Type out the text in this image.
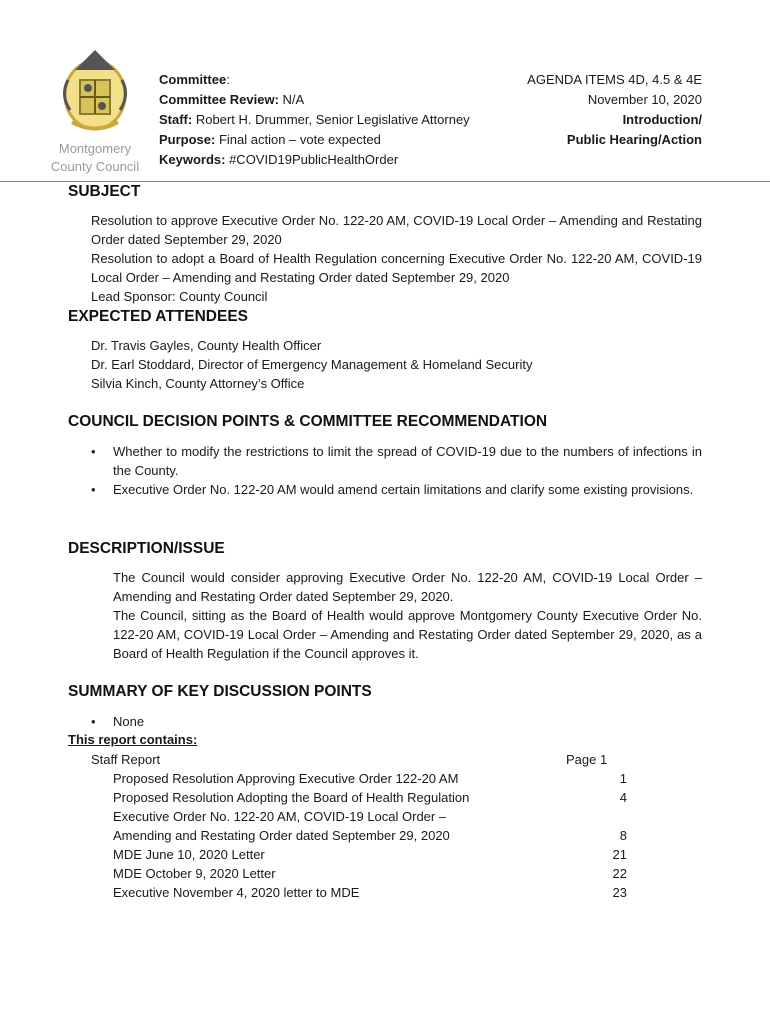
Montgomery
County Council
Committee:
Committee Review: N/A
Staff: Robert H. Drummer, Senior Legislative Attorney
Purpose: Final action – vote expected
Keywords: #COVID19PublicHealthOrder
AGENDA ITEMS 4D, 4.5 & 4E
November 10, 2020
Introduction/
Public Hearing/Action
SUBJECT

Resolution to approve Executive Order No. 122-20 AM, COVID-19 Local Order – Amending and Restating Order dated September 29, 2020

Resolution to adopt a Board of Health Regulation concerning Executive Order No. 122-20 AM, COVID-19 Local Order – Amending and Restating Order dated September 29, 2020

Lead Sponsor: County Council

EXPECTED ATTENDEES

Dr. Travis Gayles, County Health Officer

Dr. Earl Stoddard, Director of Emergency Management & Homeland Security

Silvia Kinch, County Attorney’s Office

COUNCIL DECISION POINTS & COMMITTEE RECOMMENDATION
• Whether to modify the restrictions to limit the spread of COVID-19 due to the numbers of infections in the County.
• Executive Order No. 122-20 AM would amend certain limitations and clarify some existing provisions.
DESCRIPTION/ISSUE

The Council would consider approving Executive Order No. 122-20 AM, COVID-19 Local Order – Amending and Restating Order dated September 29, 2020.

The Council, sitting as the Board of Health would approve Montgomery County Executive Order No. 122-20 AM, COVID-19 Local Order – Amending and Restating Order dated September 29, 2020, as a Board of Health Regulation if the Council approves it.

SUMMARY OF KEY DISCUSSION POINTS
• None
This report contains:
Staff Report	Page 1
Proposed Resolution Approving Executive Order 122-20 AM	1
Proposed Resolution Adopting the Board of Health Regulation	4
Executive Order No. 122-20 AM, COVID-19 Local Order –
Amending and Restating Order dated September 29, 2020	8
MDE June 10, 2020 Letter	21
MDE October 9, 2020 Letter	22
Executive November 4, 2020 letter to MDE	23
